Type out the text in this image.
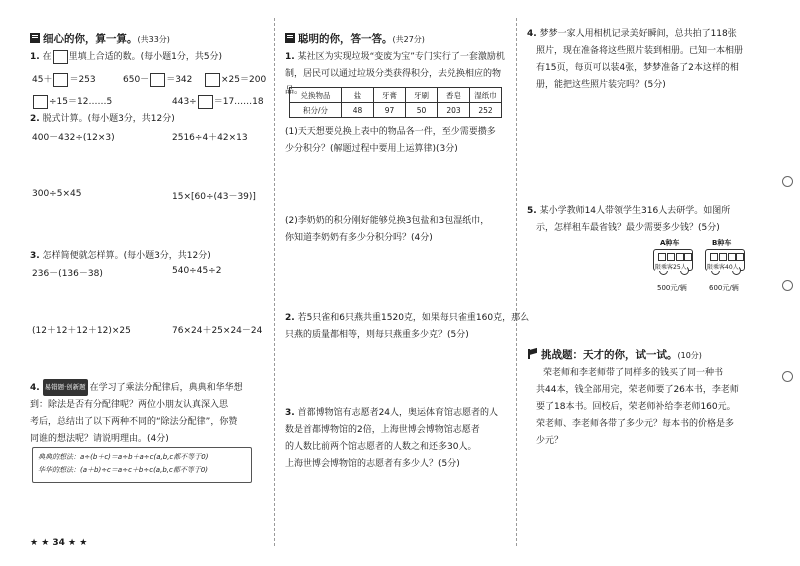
细心的你，算一算。(共33分)
1. 在 里填上合适的数。(每小题1分，共5分)
45＋ ＝253	650－ ＝342	×25＝200
÷15＝12……5	443÷ ＝17……18
2. 脱式计算。(每小题3分，共12分)
400－432÷(12×3)	2516÷4＋42×13
300÷5×45	15×[60÷(43－39)]
3. 怎样简便就怎样算。(每小题3分，共12分)
236－(136－38)	540÷45÷2
(12＋12＋12＋12)×25	76×24＋25×24－24
4. 易错题·创新题 在学习了乘法分配律后，典典和华华想
到：除法是否有分配律呢？两位小朋友认真深入思
考后，总结出了以下两种不同的“除法分配律”，你赞
同谁的想法呢？请说明理由。(4分)
典典的想法：a÷(b＋c)＝a÷b＋a÷c(a,b,c都不等于0)
华华的想法：(a＋b)÷c＝a÷c＋b÷c(a,b,c都不等于0)
聪明的你，答一答。(共27分)
1. 某社区为实现垃圾“变废为宝”专门实行了一套激励机
制，居民可以通过垃圾分类获得积分，去兑换相应的物品。
兑换物品	盐	牙膏	牙刷	香皂	湿纸巾
积分/分	48	97	50	203	252
(1)天天想要兑换上表中的物品各一件，至少需要攒多
少分积分？(解题过程中要用上运算律)(3分)
(2)李奶奶的积分刚好能够兑换3包盐和3包湿纸巾，
你知道李奶奶有多少分积分吗？(4分)
2. 若5只雀和6只燕共重1520克，如果每只雀重160克，那么
只燕的质量都相等，则每只燕重多少克？(5分)
3. 首都博物馆有志愿者24人，奥运体育馆志愿者的人
数是首都博物馆的2倍，上海世博会博物馆志愿者
的人数比前两个馆志愿者的人数之和还多30人。
上海世博会博物馆的志愿者有多少人？(5分)
4. 梦梦一家人用相机记录美好瞬间，总共拍了118张
照片，现在准备将这些照片装到相册。已知一本相册
有15页，每页可以装4张，梦梦准备了2本这样的相
册，能把这些照片装完吗？(5分)
5. 某小学教师14人带领学生316人去研学。如图所
示，怎样租车最省钱？最少需要多少钱？(5分)
A种车
限乘客25人
500元/辆
B种车
限乘客40人
600元/辆
挑战题：天才的你，试一试。(10分)
荣老师和李老师带了同样多的钱买了同一种书
共44本，钱全部用完，荣老师要了26本书，李老师
要了18本书。回校后，荣老师补给李老师160元。
荣老师、李老师各带了多少元？每本书的价格是多
少元？
★ ★ 34 ★ ★
